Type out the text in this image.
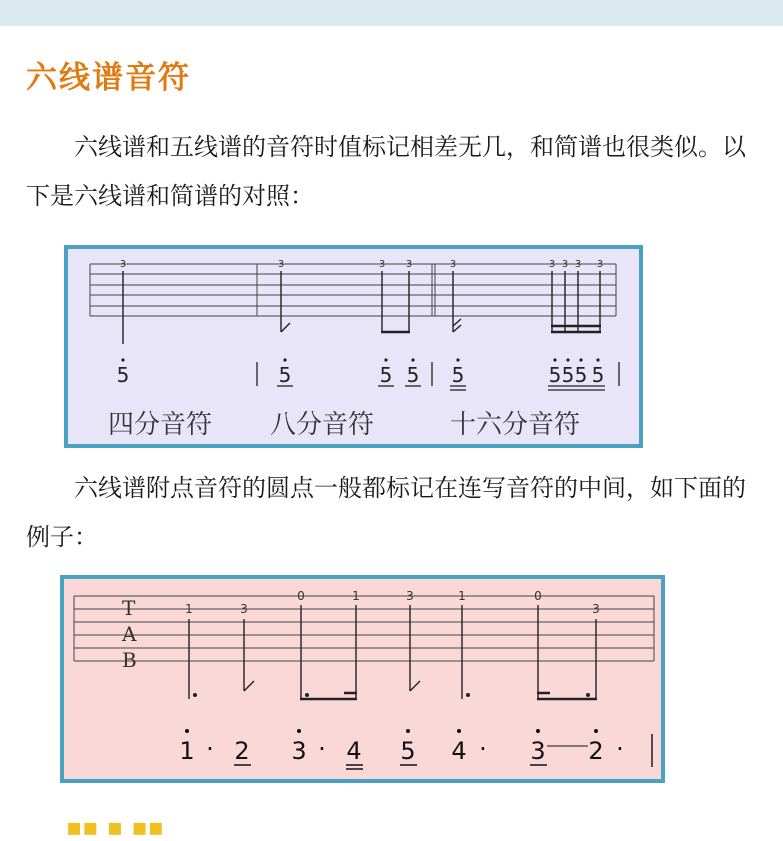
六线谱音符

六线谱和五线谱的音符时值标记相差无几，和简谱也很类似。以下是六线谱和简谱的对照：

3	3	3 3	3	3 3 3 3
5	5	5 5 5	5 5 5 5
四分音符 八分音符	十六分音符

六线谱附点音符的圆点一般都标记在连写音符的中间，如下面的例子：

T
A
B
1	3
0	1	3	1	0
3
1 · 2 3 · 4 5 4 · 3 2 ·
▪▪ ▪ ▪▪
